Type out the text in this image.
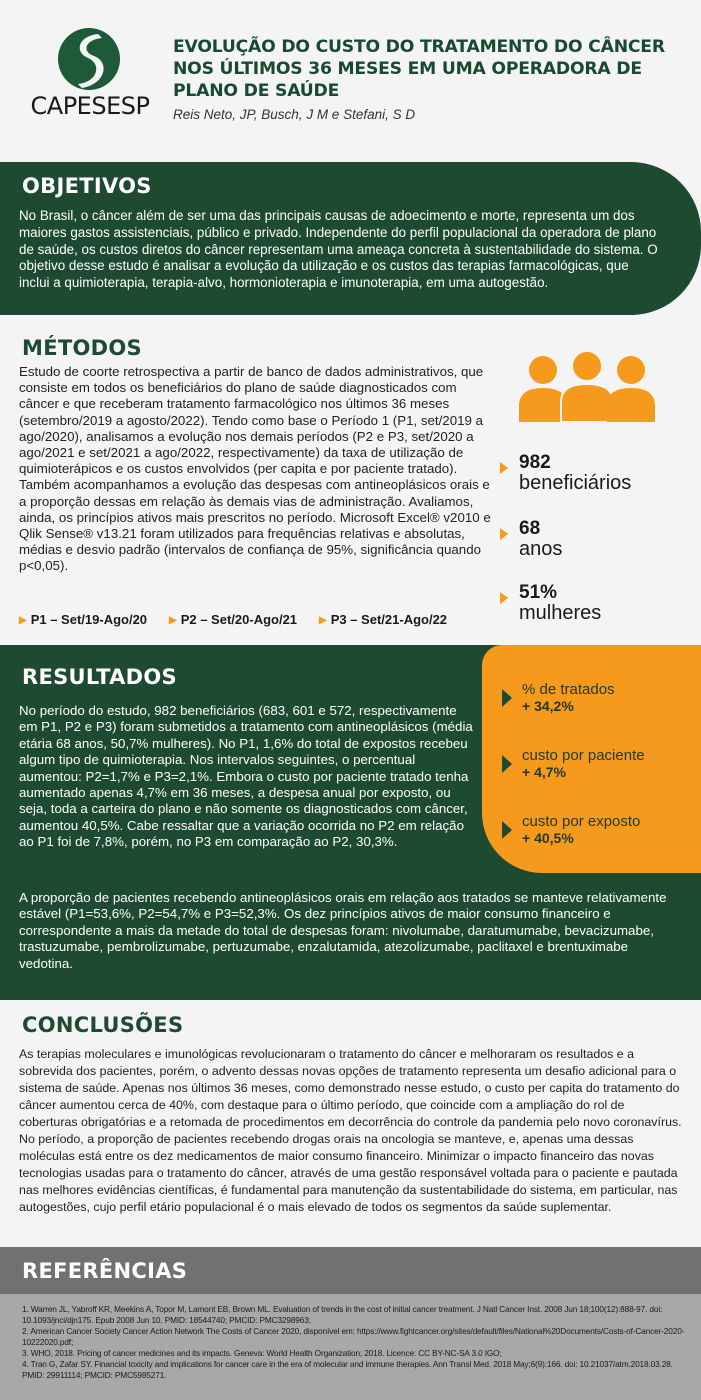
CAPESESP
EVOLUÇÃO DO CUSTO DO TRATAMENTO DO CÂNCER NOS ÚLTIMOS 36 MESES EM UMA OPERADORA DE PLANO DE SAÚDE
Reis Neto, JP, Busch, J M e Stefani, S D
OBJETIVOS
No Brasil, o câncer além de ser uma das principais causas de adoecimento e morte, representa um dos maiores gastos assistenciais, público e privado. Independente do perfil populacional da operadora de plano de saúde, os custos diretos do câncer representam uma ameaça concreta à sustentabilidade do sistema. O objetivo desse estudo é analisar a evolução da utilização e os custos das terapias farmacológicas, que inclui a quimioterapia, terapia-alvo, hormonioterapia e imunoterapia, em uma autogestão.
MÉTODOS
Estudo de coorte retrospectiva a partir de banco de dados administrativos, que consiste em todos os beneficiários do plano de saúde diagnosticados com câncer e que receberam tratamento farmacológico nos últimos 36 meses (setembro/2019 a agosto/2022). Tendo como base o Período 1 (P1, set/2019 a ago/2020), analisamos a evolução nos demais períodos (P2 e P3, set/2020 a ago/2021 e set/2021 a ago/2022, respectivamente) da taxa de utilização de quimioterápicos e os custos envolvidos (per capita e por paciente tratado). Também acompanhamos a evolução das despesas com antineoplásicos orais e a proporção dessas em relação às demais vias de administração. Avaliamos, ainda, os princípios ativos mais prescritos no período. Microsoft Excel® v2010 e Qlik Sense® v13.21 foram utilizados para frequências relativas e absolutas, médias e desvio padrão (intervalos de confiança de 95%, significância quando p<0,05).
▶ P1 – Set/19-Ago/20 ▶ P2 – Set/20-Ago/21 ▶ P3 – Set/21-Ago/22
982
beneficiários
68
anos
51%
mulheres
RESULTADOS
No período do estudo, 982 beneficiários (683, 601 e 572, respectivamente em P1, P2 e P3) foram submetidos a tratamento com antineoplásicos (média etária 68 anos, 50,7% mulheres). No P1, 1,6% do total de expostos recebeu algum tipo de quimioterapia. Nos intervalos seguintes, o percentual aumentou: P2=1,7% e P3=2,1%. Embora o custo por paciente tratado tenha aumentado apenas 4,7% em 36 meses, a despesa anual por exposto, ou seja, toda a carteira do plano e não somente os diagnosticados com câncer, aumentou 40,5%. Cabe ressaltar que a variação ocorrida no P2 em relação ao P1 foi de 7,8%, porém, no P3 em comparação ao P2, 30,3%.
% de tratados
+ 34,2%
custo por paciente
+ 4,7%
custo por exposto
+ 40,5%
A proporção de pacientes recebendo antineoplásicos orais em relação aos tratados se manteve relativamente estável (P1=53,6%, P2=54,7% e P3=52,3%. Os dez princípios ativos de maior consumo financeiro e correspondente a mais da metade do total de despesas foram: nivolumabe, daratumumabe, bevacizumabe, trastuzumabe, pembrolizumabe, pertuzumabe, enzalutamida, atezolizumabe, paclitaxel e brentuximabe vedotina.
CONCLUSÕES
As terapias moleculares e imunológicas revolucionaram o tratamento do câncer e melhoraram os resultados e a sobrevida dos pacientes, porém, o advento dessas novas opções de tratamento representa um desafio adicional para o sistema de saúde. Apenas nos últimos 36 meses, como demonstrado nesse estudo, o custo per capita do tratamento do câncer aumentou cerca de 40%, com destaque para o último período, que coincide com a ampliação do rol de coberturas obrigatórias e a retomada de procedimentos em decorrência do controle da pandemia pelo novo coronavírus. No período, a proporção de pacientes recebendo drogas orais na oncologia se manteve, e, apenas uma dessas moléculas está entre os dez medicamentos de maior consumo financeiro. Minimizar o impacto financeiro das novas tecnologias usadas para o tratamento do câncer, através de uma gestão responsável voltada para o paciente e pautada nas melhores evidências científicas, é fundamental para manutenção da sustentabilidade do sistema, em particular, nas autogestões, cujo perfil etário populacional é o mais elevado de todos os segmentos da saúde suplementar.
REFERÊNCIAS
1. Warren JL, Yabroff KR, Meekins A, Topor M, Lamont EB, Brown ML. Evaluation of trends in the cost of initial cancer treatment. J Natl Cancer Inst. 2008 Jun 18;100(12):888-97. doi: 10.1093/jnci/djn175. Epub 2008 Jun 10. PMID: 18544740; PMCID: PMC3298963;
2. American Cancer Society Cancer Action Network The Costs of Cancer 2020, disponível em: https://www.fightcancer.org/sites/default/files/National%20Documents/Costs-of-Cancer-2020-10222020.pdf;
3. WHO, 2018. Pricing of cancer medicines and its impacts. Geneva: World Health Organization; 2018. Licence: CC BY-NC-SA 3.0 IGO;
4. Tran G, Zafar SY. Financial toxicity and implications for cancer care in the era of molecular and immune therapies. Ann Transl Med. 2018 May;6(9):166. doi: 10.21037/atm.2018.03.28. PMID: 29911114; PMCID: PMC5985271.
